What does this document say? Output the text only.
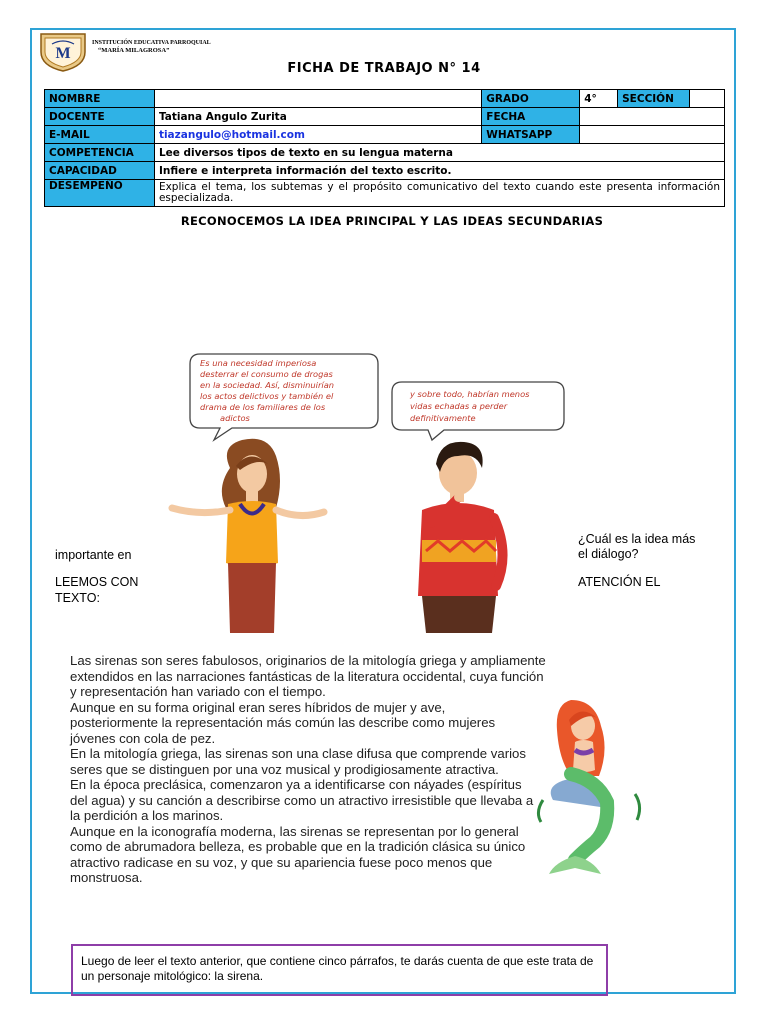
M
INSTITUCIÓN EDUCATIVA PARROQUIAL
“MARÍA MILAGROSA”
FICHA DE TRABAJO N° 14
NOMBRE		GRADO	4°	SECCIÓN	
DOCENTE	Tatiana Angulo Zurita	FECHA			
E-MAIL	tiazangulo@hotmail.com	WHATSAPP			
COMPETENCIA	Lee diversos tipos de texto en su lengua materna				
CAPACIDAD	Infiere e interpreta información del texto escrito.				
DESEMPEÑO	Explica el tema, los subtemas y el propósito comunicativo del texto cuando este presenta información especializada.				
RECONOCEMOS LA IDEA PRINCIPAL Y LAS IDEAS SECUNDARIAS
Es una necesidad imperiosa desterrar el consumo de drogas en la sociedad. Así, disminuirían los actos delictivos y también el drama de los familiares de los adictos
y sobre todo, habrían menos vidas echadas a perder definitivamente
importante en
LEEMOS CON
TEXTO:
¿Cuál es la idea más
el diálogo?
ATENCIÓN EL

Las sirenas son seres fabulosos, originarios de la mitología griega y ampliamente extendidos en las narraciones fantásticas de la literatura occidental, cuya función y representación han variado con el tiempo.

Aunque en su forma original eran seres híbridos de mujer y ave, posteriormente la representación más común las describe como mujeres jóvenes con cola de pez.

En la mitología griega, las sirenas son una clase difusa que comprende varios seres que se distinguen por una voz musical y prodigiosamente atractiva.

En la época preclásica, comenzaron ya a identificarse con náyades (espíritus del agua) y su canción a describirse como un atractivo irresistible que llevaba a la perdición a los marinos.

Aunque en la iconografía moderna, las sirenas se representan por lo general como de abrumadora belleza, es probable que en la tradición clásica su único atractivo radicase en su voz, y que su apariencia fuese poco menos que monstruosa.

Luego de leer el texto anterior, que contiene cinco párrafos, te darás cuenta de que este trata de un personaje mitológico: la sirena.
